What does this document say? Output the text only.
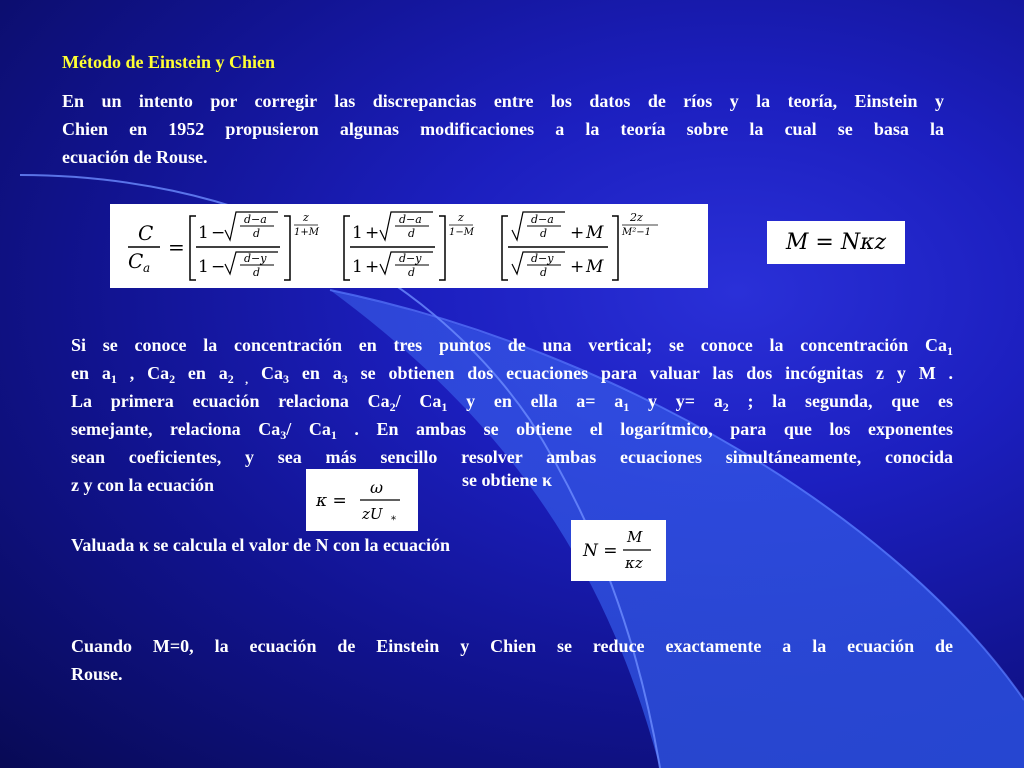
Método de Einstein y Chien

En un intento por corregir las discrepancias entre los datos de ríos y la teoría, Einstein y
Chien en 1952 propusieron algunas modificaciones a la teoría sobre la cual se basa la
ecuación de Rouse.

C
C a
=
1 −
d−a
d
1 − d−y
d
z
1+M 1 +
d−a
d
1 + d−y
d
z
1−M
d−a
d + M
d−y
d + M
2z
M²−1	M = Nκz

Si se conoce la concentración en tres puntos de una vertical; se conoce la concentración $Ca_1$
en $a_1$ , $Ca_2$ en $a_{2 ,}$ $Ca_3$ en $a_3$ se obtienen dos ecuaciones para valuar las dos incógnitas z y M .
La primera ecuación relaciona $Ca_2/$ $Ca_1$ y en ella $a= a_1$ y $y= a_2$ ; la segunda, que es
semejante, relaciona $Ca_3/$ $Ca_1$ . En ambas se obtiene el logarítmico, para que los exponentes
sean coeficientes, y sea más sencillo resolver ambas ecuaciones simultáneamente, conocida
z y con la ecuación	se obtiene κ

κ =
ω
zU *

Valuada κ se calcula el valor de N con la ecuación	N =
M
κz

Cuando M=0, la ecuación de Einstein y Chien se reduce exactamente a la ecuación de
Rouse.
